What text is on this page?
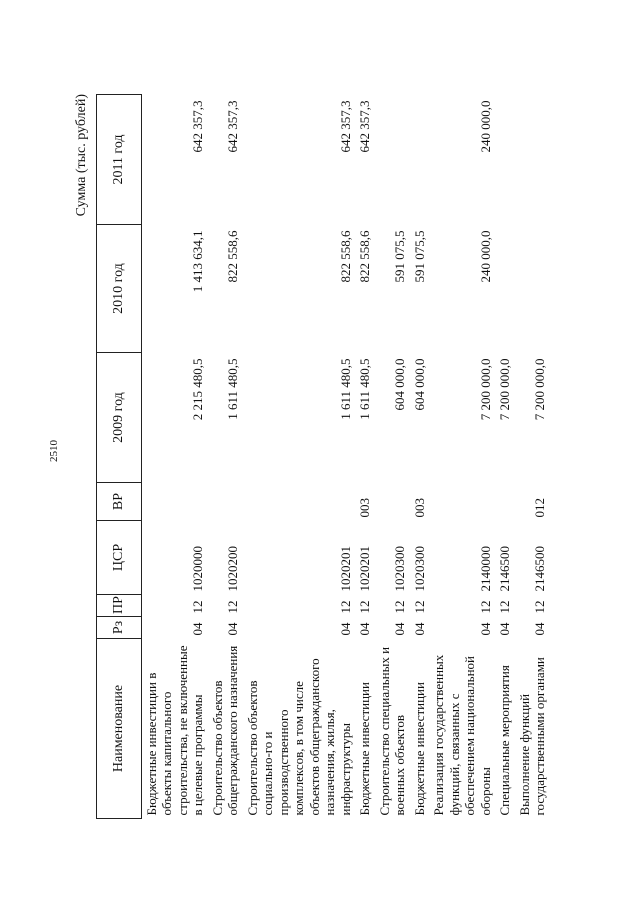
2510
Сумма (тыс. рублей)
Наименование	Рз	ПР	ЦСР	ВР	2009 год	2010 год	2011 год
Бюджетные инвестиции в объекты капитального строительства, не включенные в целевые программы	04	12	1020000		2 215 480,5	1 413 634,1	642 357,3
Строительство объектов общегражданского назначения	04	12	1020200		1 611 480,5	822 558,6	642 357,3
Строительство объектов социально-го и производственного комплексов, в том числе объектов общегражданского назначения, жилья, инфраструктуры	04	12	1020201		1 611 480,5	822 558,6	642 357,3
Бюджетные инвестиции	04	12	1020201	003	1 611 480,5	822 558,6	642 357,3
Строительство специальных и военных объектов	04	12	1020300		604 000,0	591 075,5	
Бюджетные инвестиции	04	12	1020300	003	604 000,0	591 075,5	
Реализация государственных функций, связанных с обеспечением национальной обороны	04	12	2140000		7 200 000,0	240 000,0	240 000,0
Специальные мероприятия	04	12	2146500		7 200 000,0		
Выполнение функций государственными органами	04	12	2146500	012	7 200 000,0		
